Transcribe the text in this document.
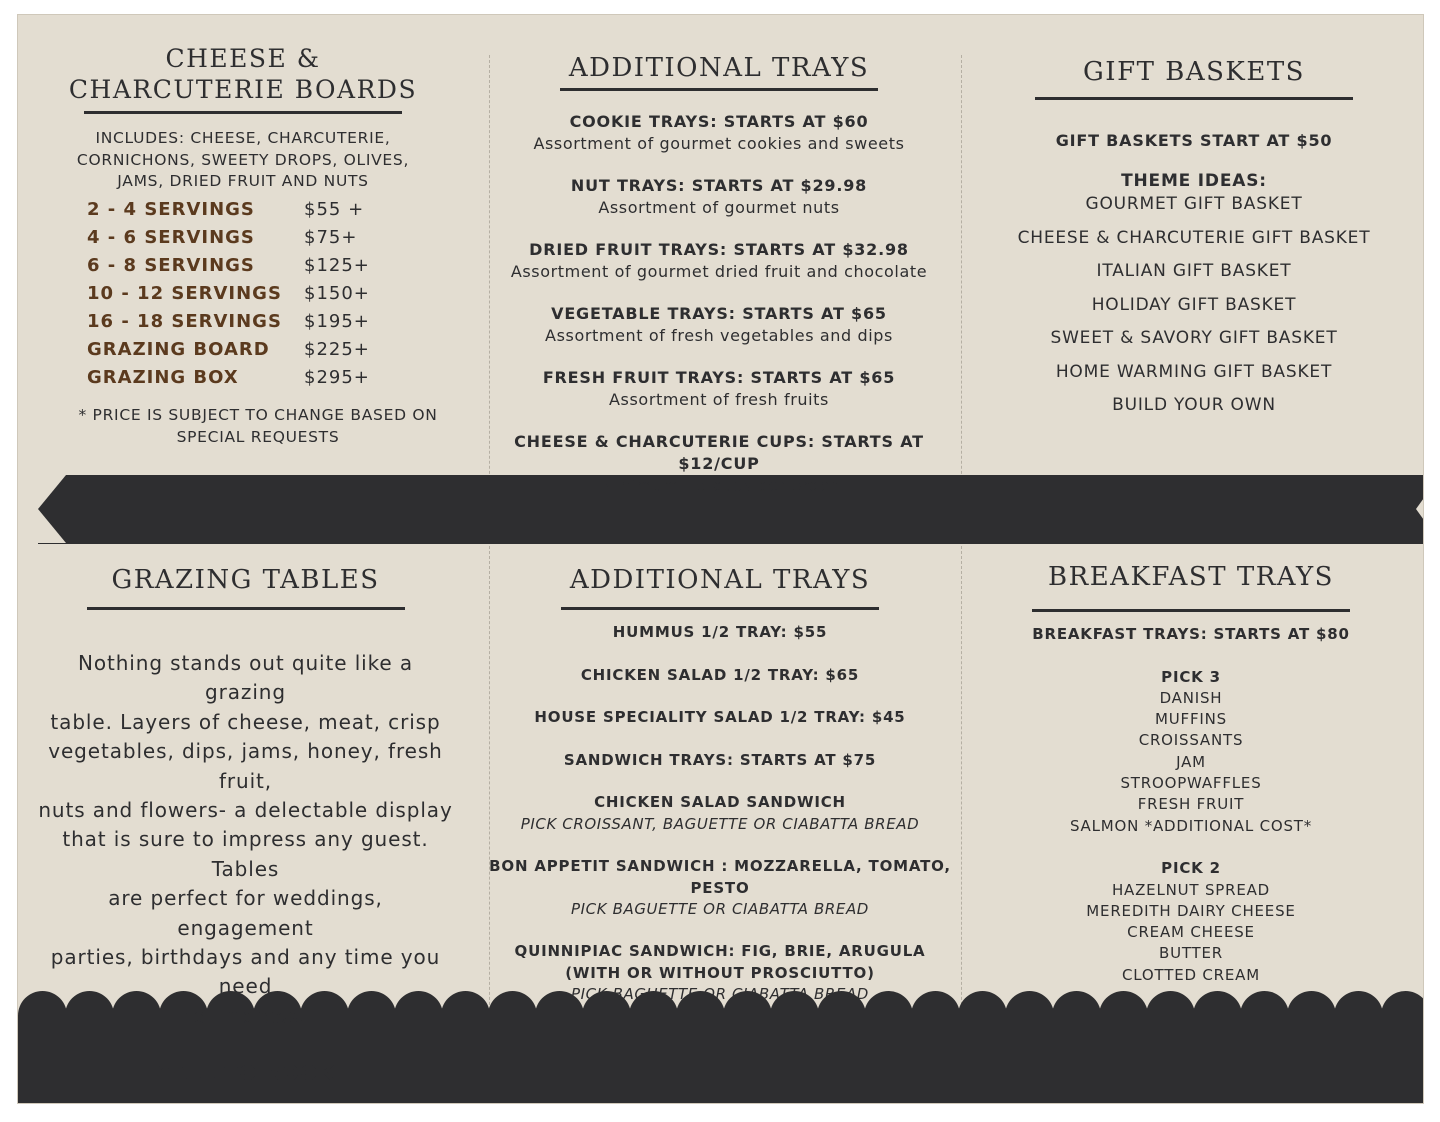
CHEESE &
CHARCUTERIE BOARDS
INCLUDES: CHEESE, CHARCUTERIE,
CORNICHONS, SWEETY DROPS, OLIVES,
JAMS, DRIED FRUIT AND NUTS
2 - 4 SERVINGS	$55 +
4 - 6 SERVINGS	$75+
6 - 8 SERVINGS	$125+
10 - 12 SERVINGS	$150+
16 - 18 SERVINGS	$195+
GRAZING BOARD	$225+
GRAZING BOX	$295+
* PRICE IS SUBJECT TO CHANGE BASED ON
SPECIAL REQUESTS
ADDITIONAL TRAYS
COOKIE TRAYS: STARTS AT $60
Assortment of gourmet cookies and sweets
NUT TRAYS: STARTS AT $29.98
Assortment of gourmet nuts
DRIED FRUIT TRAYS: STARTS AT $32.98
Assortment of gourmet dried fruit and chocolate
VEGETABLE TRAYS: STARTS AT $65
Assortment of fresh vegetables and dips
FRESH FRUIT TRAYS: STARTS AT $65
Assortment of fresh fruits
CHEESE & CHARCUTERIE CUPS: STARTS AT $12/CUP
Minimum 15 cups per order
GIFT BASKETS
GIFT BASKETS START AT $50
THEME IDEAS:
GOURMET GIFT BASKET
CHEESE & CHARCUTERIE GIFT BASKET
ITALIAN GIFT BASKET
HOLIDAY GIFT BASKET
SWEET & SAVORY GIFT BASKET
HOME WARMING GIFT BASKET
BUILD YOUR OWN
GRAZING TABLES
Nothing stands out quite like a grazing
table. Layers of cheese, meat, crisp
vegetables, dips, jams, honey, fresh fruit,
nuts and flowers- a delectable display
that is sure to impress any guest. Tables
are perfect for weddings, engagement
parties, birthdays and any time you need
to impress.
CALL TO BOOK
ADDITIONAL TRAYS
HUMMUS 1/2 TRAY: $55
CHICKEN SALAD 1/2 TRAY: $65
HOUSE SPECIALITY SALAD 1/2 TRAY: $45
SANDWICH TRAYS: STARTS AT $75
CHICKEN SALAD SANDWICH
PICK CROISSANT, BAGUETTE OR CIABATTA BREAD
BON APPETIT SANDWICH : MOZZARELLA, TOMATO, PESTO
PICK BAGUETTE OR CIABATTA BREAD
QUINNIPIAC SANDWICH: FIG, BRIE, ARUGULA
(WITH OR WITHOUT PROSCIUTTO)
PICK BAGUETTE OR CIABATTA BREAD
BREAKFAST TRAYS
BREAKFAST TRAYS: STARTS AT $80
PICK 3
DANISH
MUFFINS
CROISSANTS
JAM
STROOPWAFFLES
FRESH FRUIT
SALMON *ADDITIONAL COST*
PICK 2
HAZELNUT SPREAD
MEREDITH DAIRY CHEESE
CREAM CHEESE
BUTTER
CLOTTED CREAM
